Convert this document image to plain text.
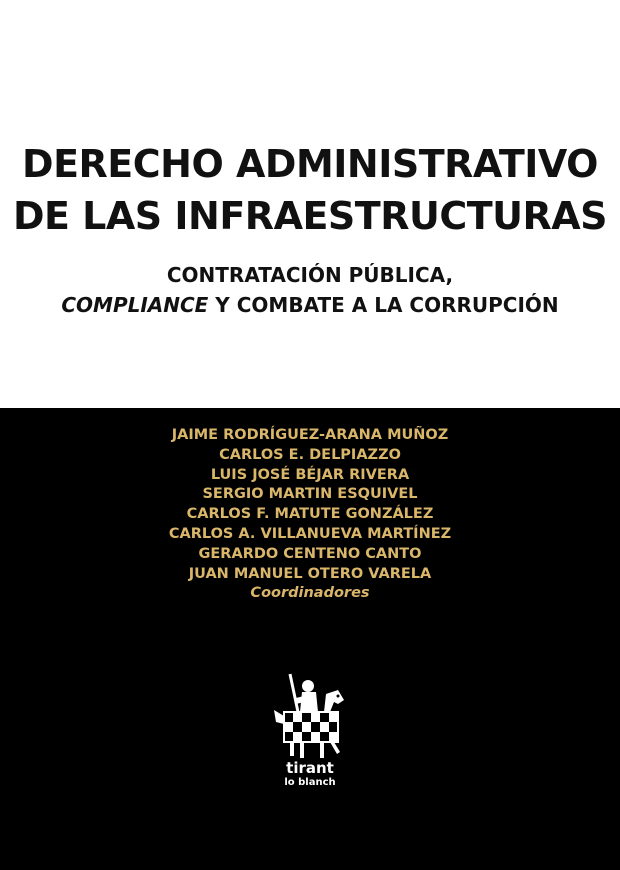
DERECHO ADMINISTRATIVO
DE LAS INFRAESTRUCTURAS
CONTRATACIÓN PÚBLICA,
COMPLIANCE Y COMBATE A LA CORRUPCIÓN
JAIME RODRÍGUEZ-ARANA MUÑOZ
CARLOS E. DELPIAZZO
LUIS JOSÉ BÉJAR RIVERA
SERGIO MARTIN ESQUIVEL
CARLOS F. MATUTE GONZÁLEZ
CARLOS A. VILLANUEVA MARTÍNEZ
GERARDO CENTENO CANTO
JUAN MANUEL OTERO VARELA
Coordinadores
tirant
lo blanch
